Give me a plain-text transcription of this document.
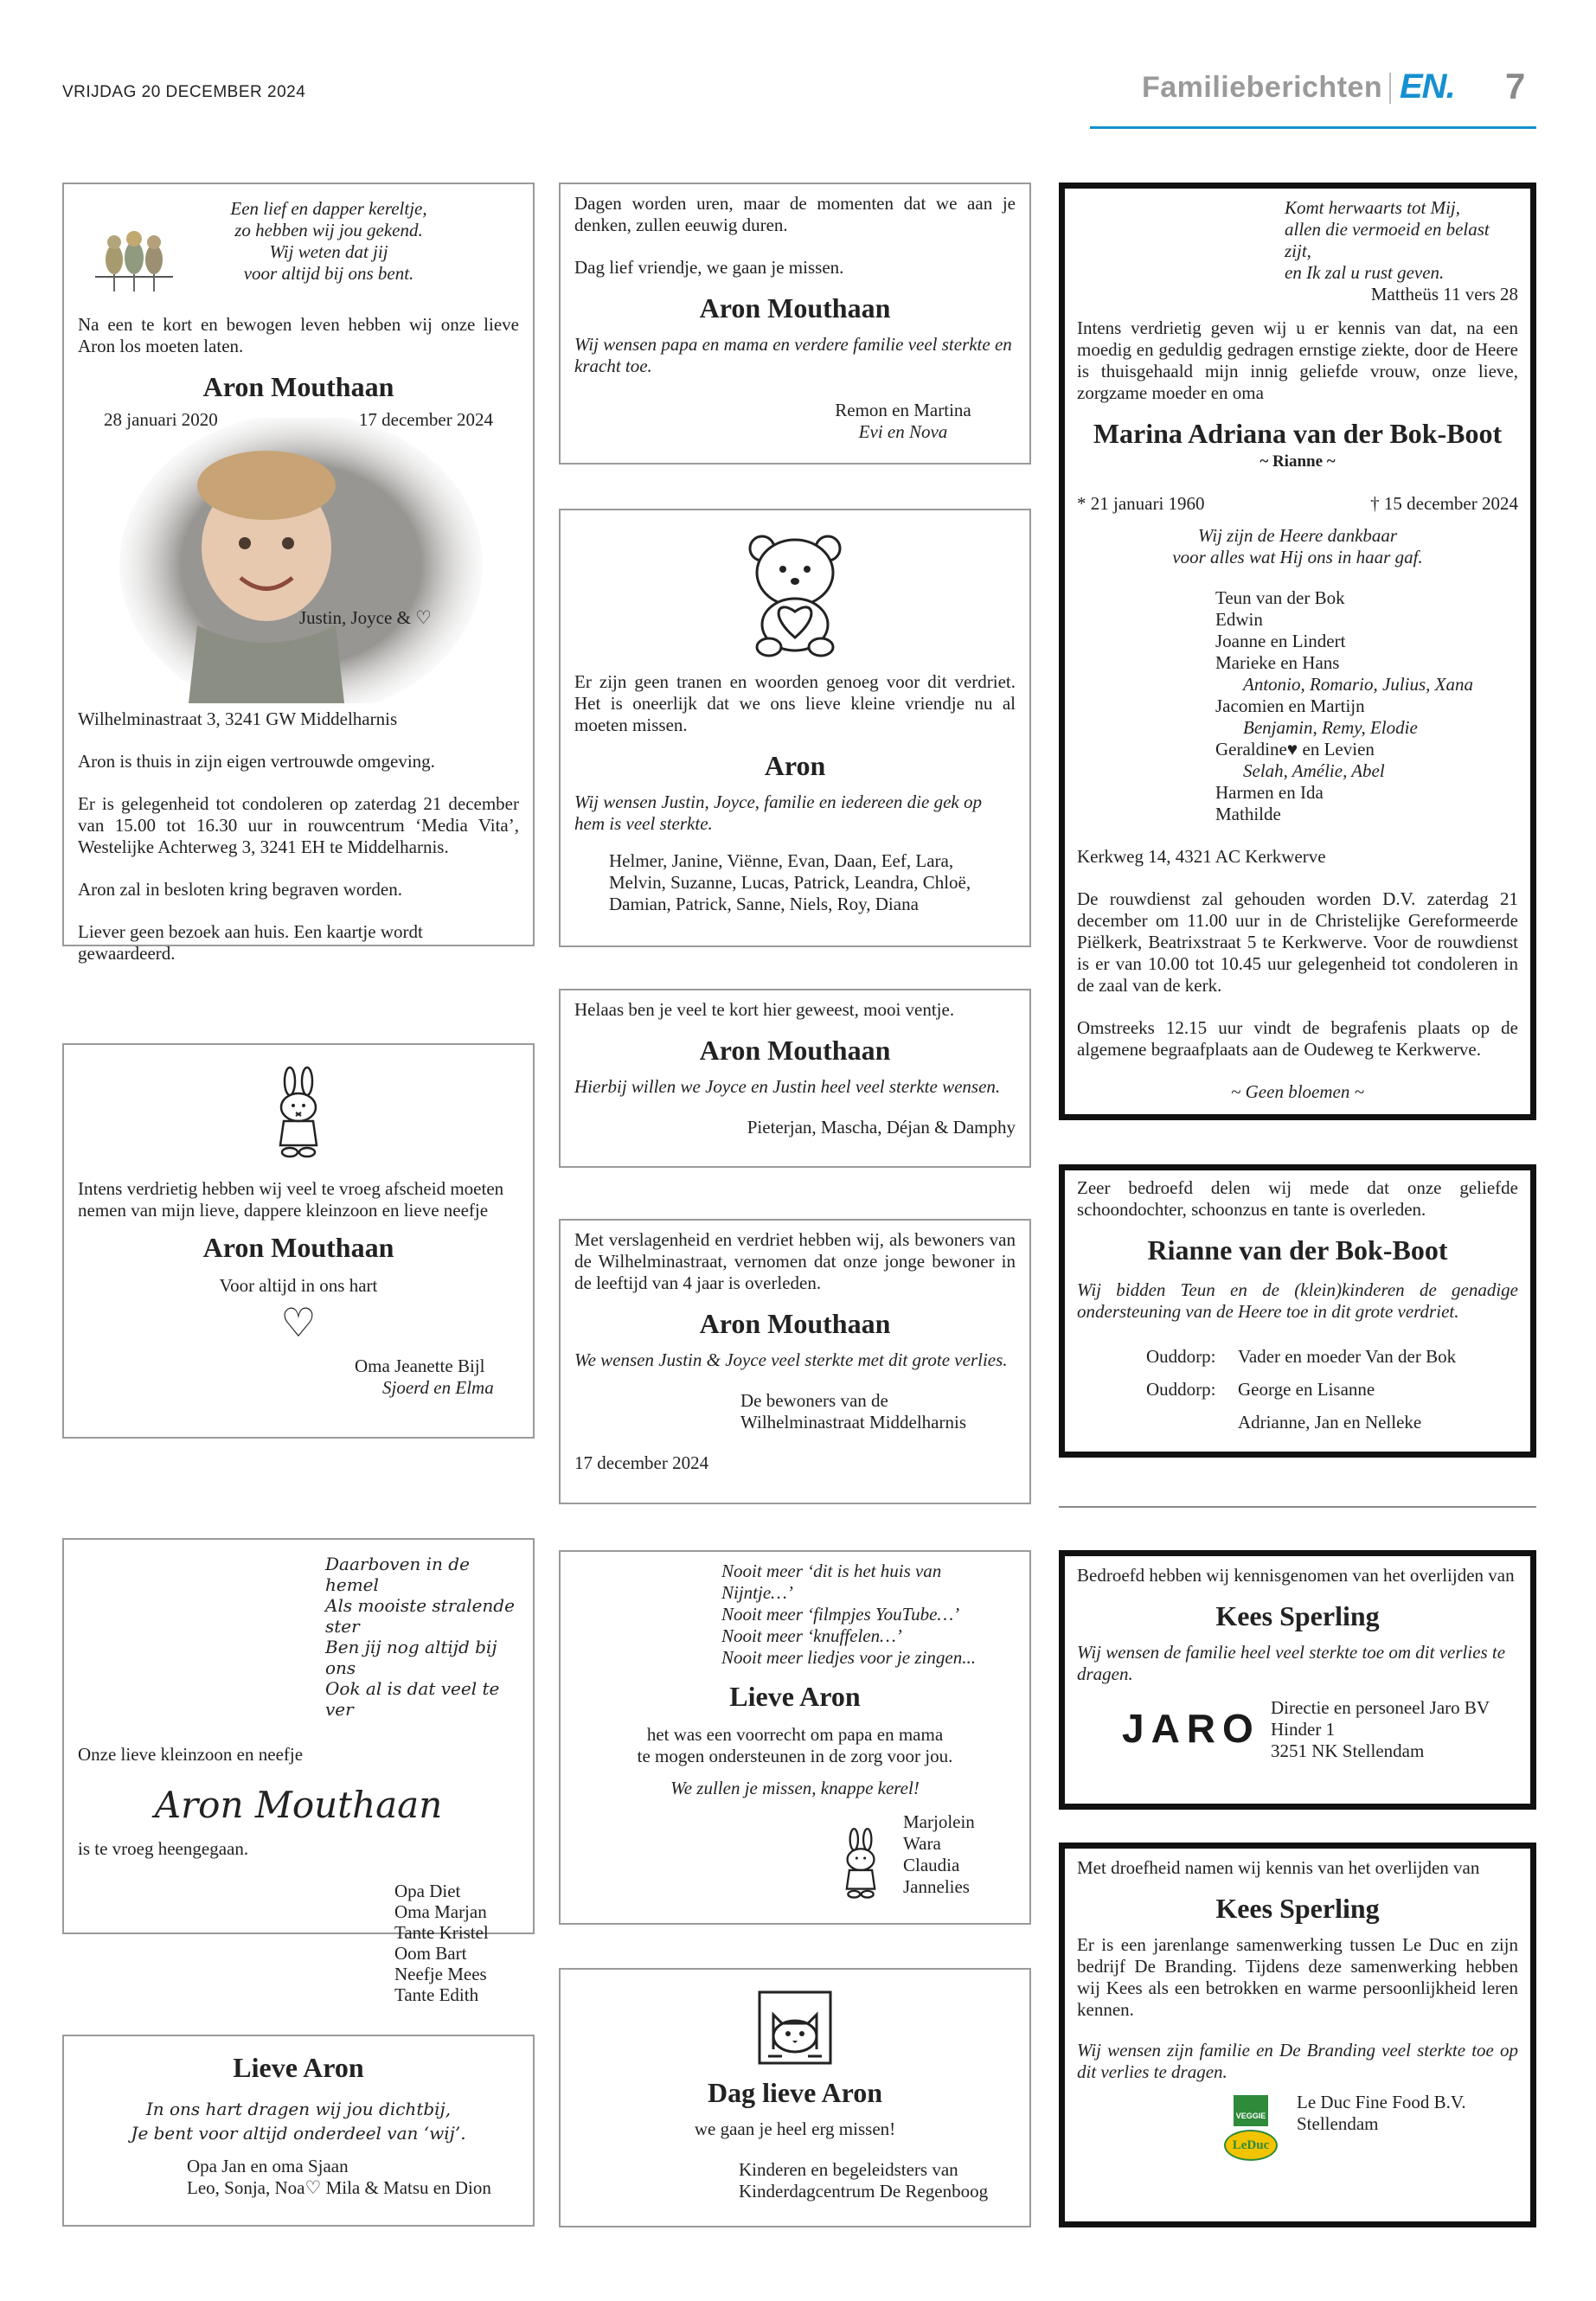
VRIJDAG 20 DECEMBER 2024	Familieberichten EN. 7

Een lief en dapper kereltje,

zo hebben wij jou gekend.

Wij weten dat jij

voor altijd bij ons bent.

Na een te kort en bewogen leven hebben wij onze lieve Aron los moeten laten.

Aron Mouthaan
28 januari 2020	17 december 2024
Justin, Joyce & ♡

Wilhelminastraat 3, 3241 GW Middelharnis

Aron is thuis in zijn eigen vertrouwde omgeving.

Er is gelegenheid tot condoleren op zaterdag 21 december van 15.00 tot 16.30 uur in rouwcentrum ‘Media Vita’, Westelijke Achterweg 3, 3241 EH te Middelharnis.

Aron zal in besloten kring begraven worden.

Liever geen bezoek aan huis. Een kaartje wordt gewaardeerd.

Intens verdrietig hebben wij veel te vroeg afscheid moeten nemen van mijn lieve, dappere kleinzoon en lieve neefje

Aron Mouthaan

Voor altijd in ons hart

♡

Oma Jeanette Bijl

Sjoerd en Elma

Daarboven in de hemel

Als mooiste stralende ster

Ben jij nog altijd bij ons

Ook al is dat veel te ver

Onze lieve kleinzoon en neefje

Aron Mouthaan

is te vroeg heengegaan.

Opa Diet

Oma Marjan

Tante Kristel

Oom Bart

Neefje Mees

Tante Edith

Lieve Aron

In ons hart dragen wij jou dichtbij,

Je bent voor altijd onderdeel van ‘wij’.

Opa Jan en oma Sjaan

Leo, Sonja, Noa♡ Mila & Matsu en Dion

Dagen worden uren, maar de momenten dat we aan je denken, zullen eeuwig duren.

Dag lief vriendje, we gaan je missen.

Aron Mouthaan

Wij wensen papa en mama en verdere familie veel sterkte en kracht toe.

Remon en Martina

Evi en Nova

Er zijn geen tranen en woorden genoeg voor dit verdriet. Het is oneerlijk dat we ons lieve kleine vriendje nu al moeten missen.

Aron

Wij wensen Justin, Joyce, familie en iedereen die gek op hem is veel sterkte.

Helmer, Janine, Viënne, Evan, Daan, Eef, Lara, Melvin, Suzanne, Lucas, Patrick, Leandra, Chloë, Damian, Patrick, Sanne, Niels, Roy, Diana

Helaas ben je veel te kort hier geweest, mooi ventje.

Aron Mouthaan

Hierbij willen we Joyce en Justin heel veel sterkte wensen.

Pieterjan, Mascha, Déjan & Damphy

Met verslagenheid en verdriet hebben wij, als bewoners van de Wilhelminastraat, vernomen dat onze jonge bewoner in de leeftijd van 4 jaar is overleden.

Aron Mouthaan

We wensen Justin & Joyce veel sterkte met dit grote verlies.

De bewoners van de

Wilhelminastraat Middelharnis

17 december 2024

Nooit meer ‘dit is het huis van Nijntje…’

Nooit meer ‘filmpjes YouTube…’

Nooit meer ‘knuffelen…’

Nooit meer liedjes voor je zingen...

Lieve Aron

het was een voorrecht om papa en mama

te mogen ondersteunen in de zorg voor jou.

We zullen je missen, knappe kerel!

Marjolein

Wara

Claudia

Jannelies

Dag lieve Aron

we gaan je heel erg missen!

Kinderen en begeleidsters van

Kinderdagcentrum De Regenboog

Komt herwaarts tot Mij,

allen die vermoeid en belast zijt,

en Ik zal u rust geven.

Mattheüs 11 vers 28

Intens verdrietig geven wij u er kennis van dat, na een moedig en geduldig gedragen ernstige ziekte, door de Heere is thuisgehaald mijn innig geliefde vrouw, onze lieve, zorgzame moeder en oma

Marina Adriana van der Bok-Boot

~ Rianne ~

* 21 januari 1960	† 15 december 2024

Wij zijn de Heere dankbaar

voor alles wat Hij ons in haar gaf.

Teun van der Bok

Edwin

Joanne en Lindert

Marieke en Hans

Antonio, Romario, Julius, Xana

Jacomien en Martijn

Benjamin, Remy, Elodie

Geraldine♥ en Levien

Selah, Amélie, Abel

Harmen en Ida

Mathilde

Kerkweg 14, 4321 AC Kerkwerve

De rouwdienst zal gehouden worden D.V. zaterdag 21 december om 11.00 uur in de Christelijke Gereformeerde Piëlkerk, Beatrixstraat 5 te Kerkwerve. Voor de rouwdienst is er van 10.00 tot 10.45 uur gelegenheid tot condoleren in de zaal van de kerk.

Omstreeks 12.15 uur vindt de begrafenis plaats op de algemene begraafplaats aan de Oudeweg te Kerkwerve.

~ Geen bloemen ~

Zeer bedroefd delen wij mede dat onze geliefde schoondochter, schoonzus en tante is overleden.

Rianne van der Bok-Boot

Wij bidden Teun en de (klein)kinderen de genadige ondersteuning van de Heere toe in dit grote verdriet.

Ouddorp: Vader en moeder Van der Bok

Ouddorp: George en Lisanne

Adrianne, Jan en Nelleke

Bedroefd hebben wij kennisgenomen van het overlijden van

Kees Sperling

Wij wensen de familie heel veel sterkte toe om dit verlies te dragen.

JARO Directie en personeel Jaro BV

Hinder 1

3251 NK Stellendam

Met droefheid namen wij kennis van het overlijden van

Kees Sperling

Er is een jarenlange samenwerking tussen Le Duc en zijn bedrijf De Branding. Tijdens deze samenwerking hebben wij Kees als een betrokken en warme persoonlijkheid leren kennen.

Wij wensen zijn familie en De Branding veel sterkte toe op dit verlies te dragen.

VEGGIE
LeDuc

Le Duc Fine Food B.V.

Stellendam
